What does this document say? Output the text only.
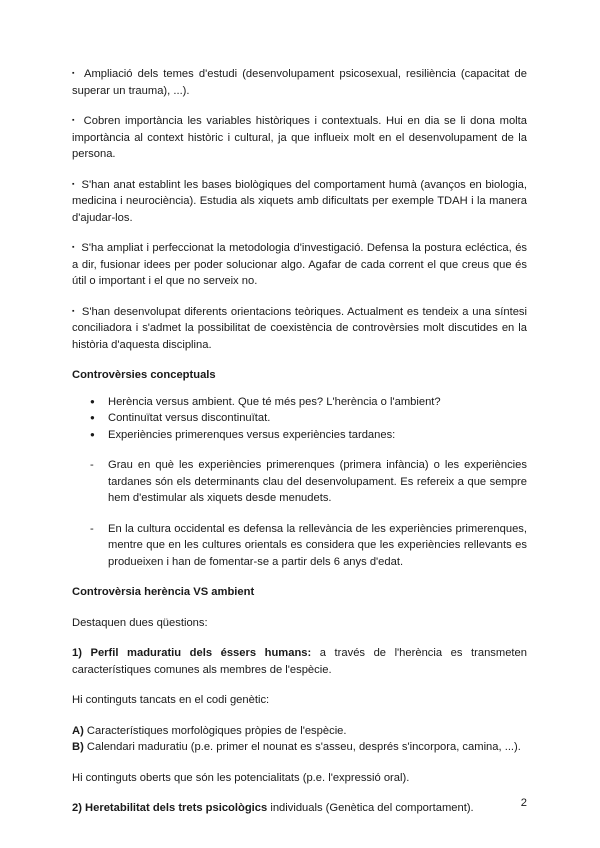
▪ Ampliació dels temes d'estudi (desenvolupament psicosexual, resiliència (capacitat de superar un trauma), ...).

▪ Cobren importància les variables històriques i contextuals. Hui en dia se li dona molta importància al context històric i cultural, ja que influeix molt en el desenvolupament de la persona.

▪ S'han anat establint les bases biològiques del comportament humà (avanços en biologia, medicina i neurociència). Estudia als xiquets amb dificultats per exemple TDAH i la manera d'ajudar-los.

▪ S'ha ampliat i perfeccionat la metodologia d'investigació. Defensa la postura ecléctica, és a dir, fusionar idees per poder solucionar algo. Agafar de cada corrent el que creus que és útil o important i el que no serveix no.

▪ S'han desenvolupat diferents orientacions teòriques. Actualment es tendeix a una síntesi conciliadora i s'admet la possibilitat de coexistència de controvèrsies molt discutides en la història d'aquesta disciplina.

Controvèrsies conceptuals

● Herència versus ambient. Que té més pes? L'herència o l'ambient?
● Continuïtat versus discontinuïtat.
● Experiències primerenques versus experiències tardanes:

- Grau en què les experiències primerenques (primera infància) o les experiències tardanes són els determinants clau del desenvolupament. Es refereix a que sempre hem d'estimular als xiquets desde menudets.

- En la cultura occidental es defensa la rellevància de les experiències primerenques, mentre que en les cultures orientals es considera que les experiències rellevants es produeixen i han de fomentar-se a partir dels 6 anys d'edat.

Controvèrsia herència VS ambient

Destaquen dues qüestions:

1) Perfil maduratiu dels éssers humans: a través de l'herència es transmeten característiques comunes als membres de l'espècie.

Hi continguts tancats en el codi genètic:

A) Característiques morfològiques pròpies de l'espècie.

B) Calendari maduratiu (p.e. primer el nounat es s'asseu, després s'incorpora, camina, ...).

Hi continguts oberts que són les potencialitats (p.e. l'expressió oral).

2) Heretabilitat dels trets psicològics individuals (Genètica del comportament).	2
